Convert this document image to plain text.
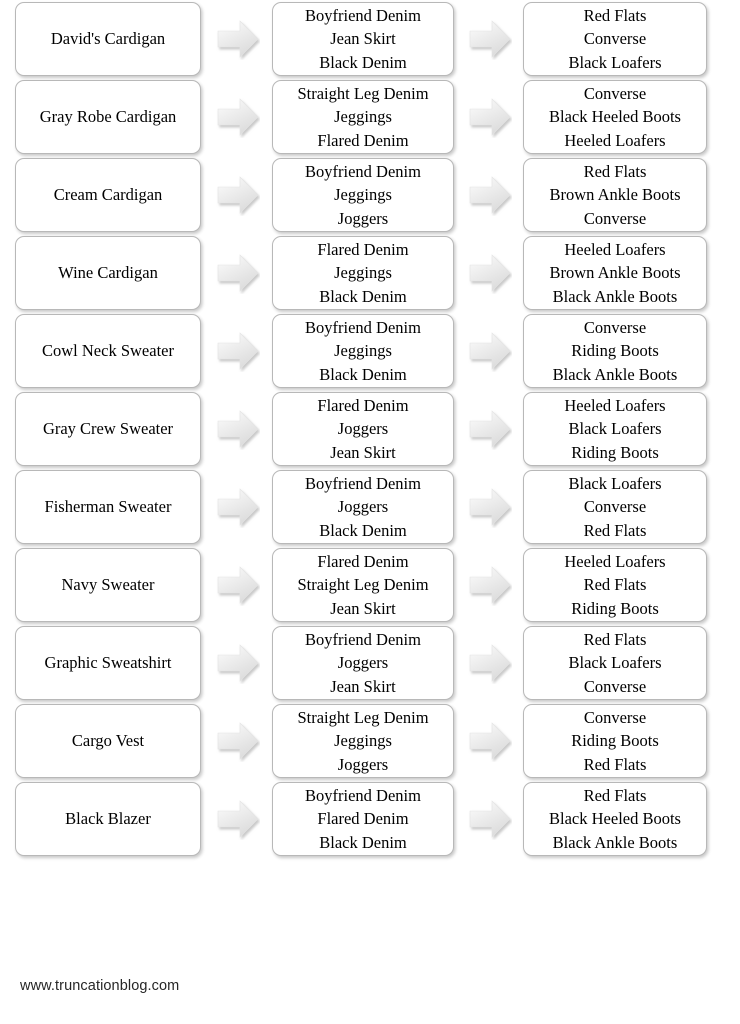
David's Cardigan
Boyfriend Denim
Jean Skirt
Black Denim
Red Flats
Converse
Black Loafers
Gray Robe Cardigan
Straight Leg Denim
Jeggings
Flared Denim
Converse
Black Heeled Boots
Heeled Loafers
Cream Cardigan
Boyfriend Denim
Jeggings
Joggers
Red Flats
Brown Ankle Boots
Converse
Wine Cardigan
Flared Denim
Jeggings
Black Denim
Heeled Loafers
Brown Ankle Boots
Black Ankle Boots
Cowl Neck Sweater
Boyfriend Denim
Jeggings
Black Denim
Converse
Riding Boots
Black Ankle Boots
Gray Crew Sweater
Flared Denim
Joggers
Jean Skirt
Heeled Loafers
Black Loafers
Riding Boots
Fisherman Sweater
Boyfriend Denim
Joggers
Black Denim
Black Loafers
Converse
Red Flats
Navy Sweater
Flared Denim
Straight Leg Denim
Jean Skirt
Heeled Loafers
Red Flats
Riding Boots
Graphic Sweatshirt
Boyfriend Denim
Joggers
Jean Skirt
Red Flats
Black Loafers
Converse
Cargo Vest
Straight Leg Denim
Jeggings
Joggers
Converse
Riding Boots
Red Flats
Black Blazer
Boyfriend Denim
Flared Denim
Black Denim
Red Flats
Black Heeled Boots
Black Ankle Boots
www.truncationblog.com
